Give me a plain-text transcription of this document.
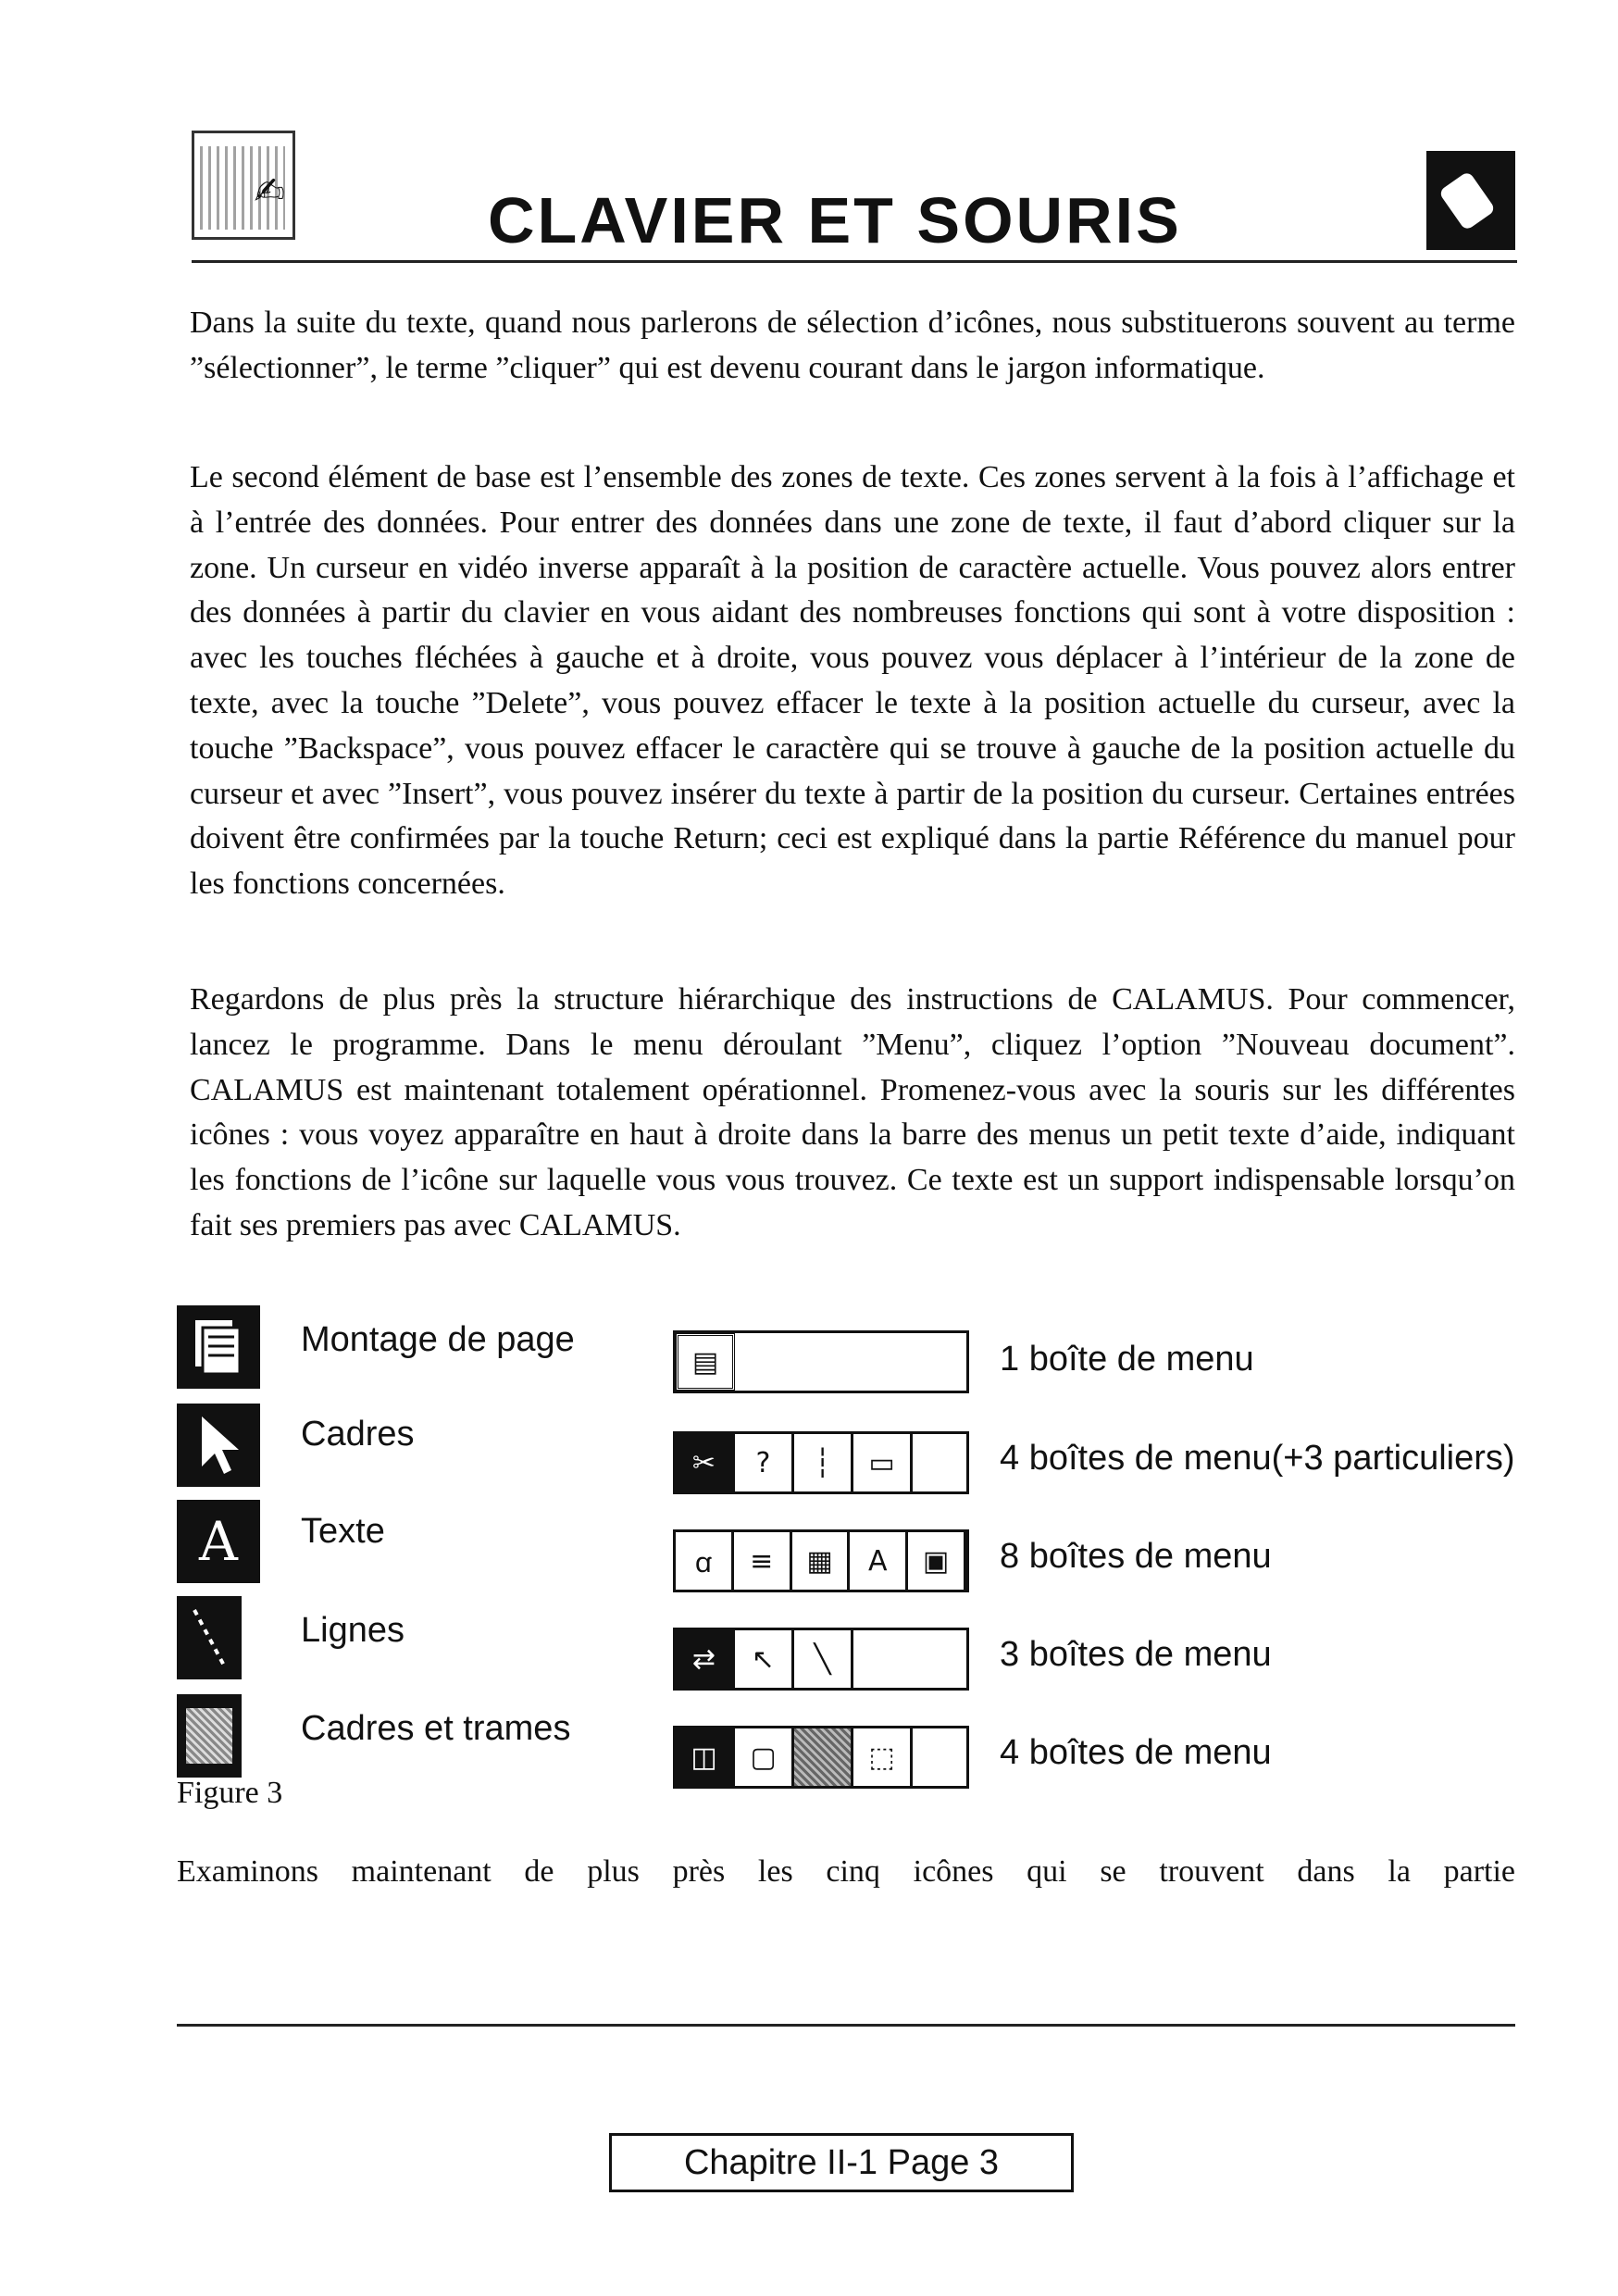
✍	CLAVIER ET SOURIS

Dans la suite du texte, quand nous parlerons de sélection d’icônes, nous substituerons souvent au terme ”sélectionner”, le terme ”cliquer” qui est devenu courant dans le jargon informatique.

Le second élément de base est l’ensemble des zones de texte. Ces zones servent à la fois à l’affichage et à l’entrée des données. Pour entrer des données dans une zone de texte, il faut d’abord cliquer sur la zone. Un curseur en vidéo inverse apparaît à la position de caractère actuelle. Vous pouvez alors entrer des données à partir du clavier en vous aidant des nombreuses fonctions qui sont à votre disposition : avec les touches fléchées à gauche et à droite, vous pouvez vous déplacer à l’intérieur de la zone de texte, avec la touche ”Delete”, vous pouvez effacer le texte à la position actuelle du curseur, avec la touche ”Backspace”, vous pouvez effacer le caractère qui se trouve à gauche de la position actuelle du curseur et avec ”Insert”, vous pouvez insérer du texte à partir de la position du curseur. Certaines entrées doivent être confirmées par la touche Return; ceci est expliqué dans la partie Référence du manuel pour les fonctions concernées.

Regardons de plus près la structure hiérarchique des instructions de CALAMUS. Pour commencer, lancez le programme. Dans le menu déroulant ”Menu”, cliquez l’option ”Nouveau document”. CALAMUS est maintenant totalement opérationnel. Promenez-vous avec la souris sur les différentes icônes : vous voyez apparaître en haut à droite dans la barre des menus un petit texte d’aide, indiquant les fonctions de l’icône sur laquelle vous vous trouvez. Ce texte est un support indispensable lorsqu’on fait ses premiers pas avec CALAMUS.

Montage de page
▤	1 boîte de menu
Cadres
✂	?	┆	▭	4 boîtes de menu(+3 particuliers)
A Texte
ꭤ	≡	▦	A	▣	8 boîtes de menu
Lignes
⇄	↖	╲	3 boîtes de menu
Cadres et trames
◫	▢	⬚	4 boîtes de menu
Figure 3

Examinons maintenant de plus près les cinq icônes qui se trouvent dans la partie

Chapitre II-1 Page 3
